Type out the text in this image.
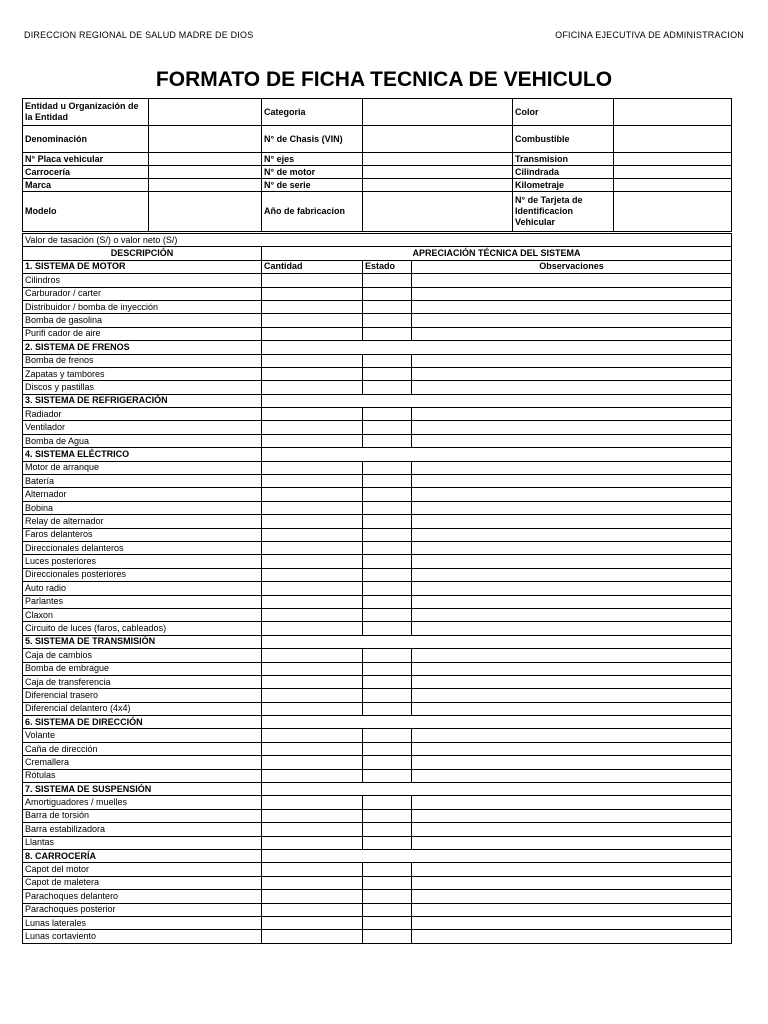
DIRECCION REGIONAL DE SALUD MADRE DE DIOS	OFICINA EJECUTIVA DE ADMINISTRACION
FORMATO DE FICHA TECNICA DE VEHICULO
Entidad u Organización de la Entidad		Categoria		Color	
Denominación		N° de Chasis (VIN)		Combustible	
N° Placa vehicular		N° ejes		Transmision	
Carrocería		N° de motor		Cilindrada	
Marca		N° de serie		Kilometraje	
Modelo		Año de fabricacion		N° de Tarjeta de Identificacion Vehicular	
Valor de tasación (S/) o valor neto (S/)			
DESCRIPCIÓN	APRECIACIÓN TÉCNICA DEL SISTEMA		
1. SISTEMA DE MOTOR	Cantidad	Estado	Observaciones
Cilindros			
Carburador / carter			
Distribuidor / bomba de inyección			
Bomba de gasolina			
Purifi cador de aire			
2. SISTEMA DE FRENOS			
Bomba de frenos			
Zapatas y tambores			
Discos y pastillas			
3. SISTEMA DE REFRIGERACIÓN			
Radiador			
Ventilador			
Bomba de Agua			
4. SISTEMA ELÉCTRICO			
Motor de arranque			
Batería			
Alternador			
Bobina			
Relay de alternador			
Faros delanteros			
Direccionales delanteros			
Luces posteriores			
Direccionales posteriores			
Auto radio			
Parlantes			
Claxon			
Circuito de luces (faros, cableados)			
5. SISTEMA DE TRANSMISIÓN			
Caja de cambios			
Bomba de embrague			
Caja de transferencia			
Diferencial trasero			
Diferencial delantero (4x4)			
6. SISTEMA DE DIRECCIÓN			
Volante			
Caña de dirección			
Cremallera			
Rótulas			
7. SISTEMA DE SUSPENSIÓN			
Amortiguadores / muelles			
Barra de torsión			
Barra estabilizadora			
Llantas			
8. CARROCERÍA			
Capot del motor			
Capot de maletera			
Parachoques delantero			
Parachoques posterior			
Lunas laterales			
Lunas cortaviento			
